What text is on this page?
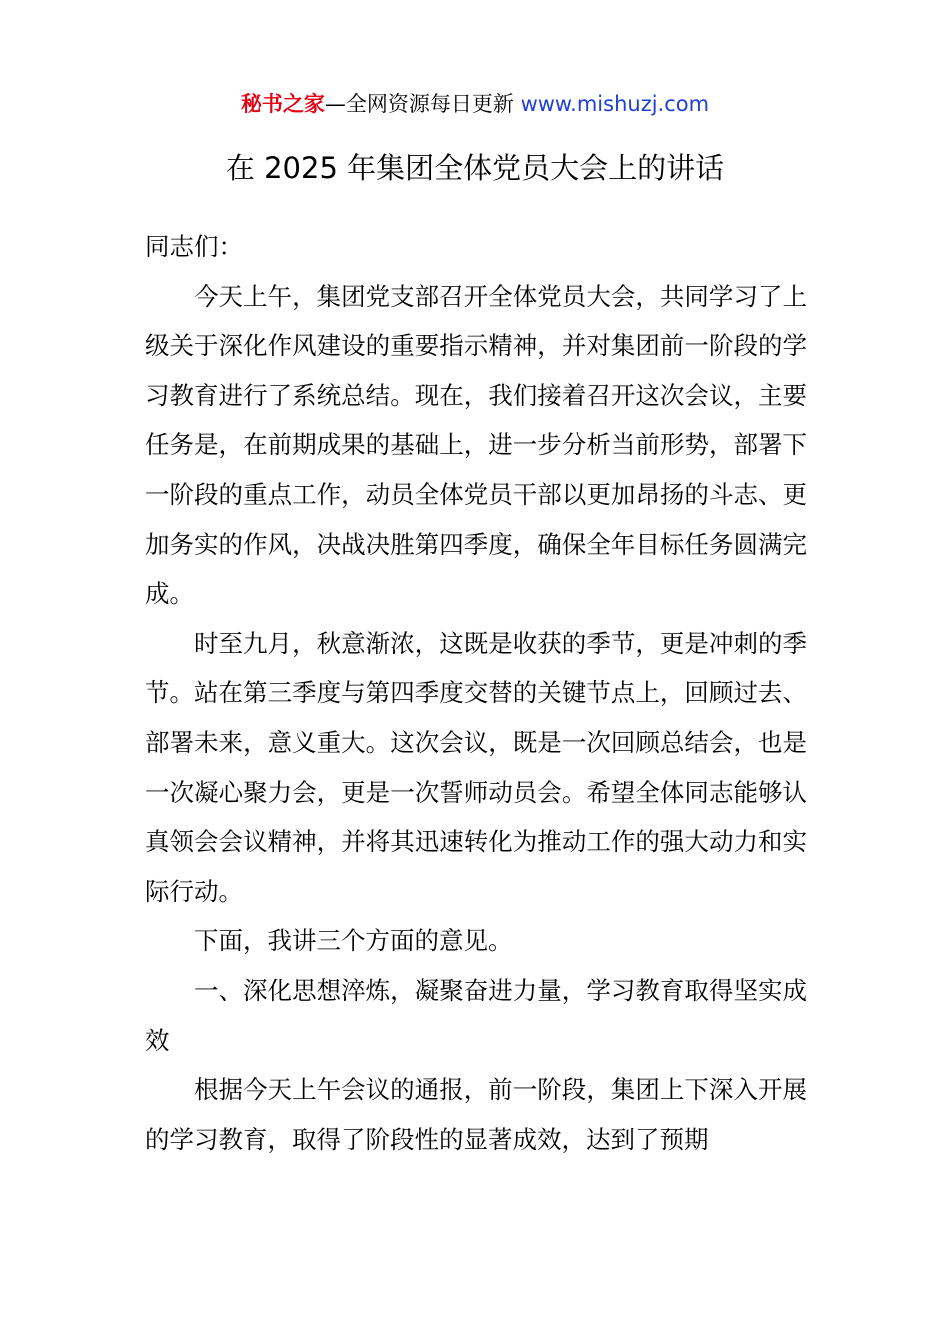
秘书之家—全网资源每日更新 www.mishuzj.com
在 2025 年集团全体党员大会上的讲话

同志们：

今天上午，集团党支部召开全体党员大会，共同学习了上级关于深化作风建设的重要指示精神，并对集团前一阶段的学习教育进行了系统总结。现在，我们接着召开这次会议，主要任务是，在前期成果的基础上，进一步分析当前形势，部署下一阶段的重点工作，动员全体党员干部以更加昂扬的斗志、更加务实的作风，决战决胜第四季度，确保全年目标任务圆满完成。

时至九月，秋意渐浓，这既是收获的季节，更是冲刺的季节。站在第三季度与第四季度交替的关键节点上，回顾过去、部署未来，意义重大。这次会议，既是一次回顾总结会，也是一次凝心聚力会，更是一次誓师动员会。希望全体同志能够认真领会会议精神，并将其迅速转化为推动工作的强大动力和实际行动。

下面，我讲三个方面的意见。

一、深化思想淬炼，凝聚奋进力量，学习教育取得坚实成效

根据今天上午会议的通报，前一阶段，集团上下深入开展的学习教育，取得了阶段性的显著成效，达到了预期
